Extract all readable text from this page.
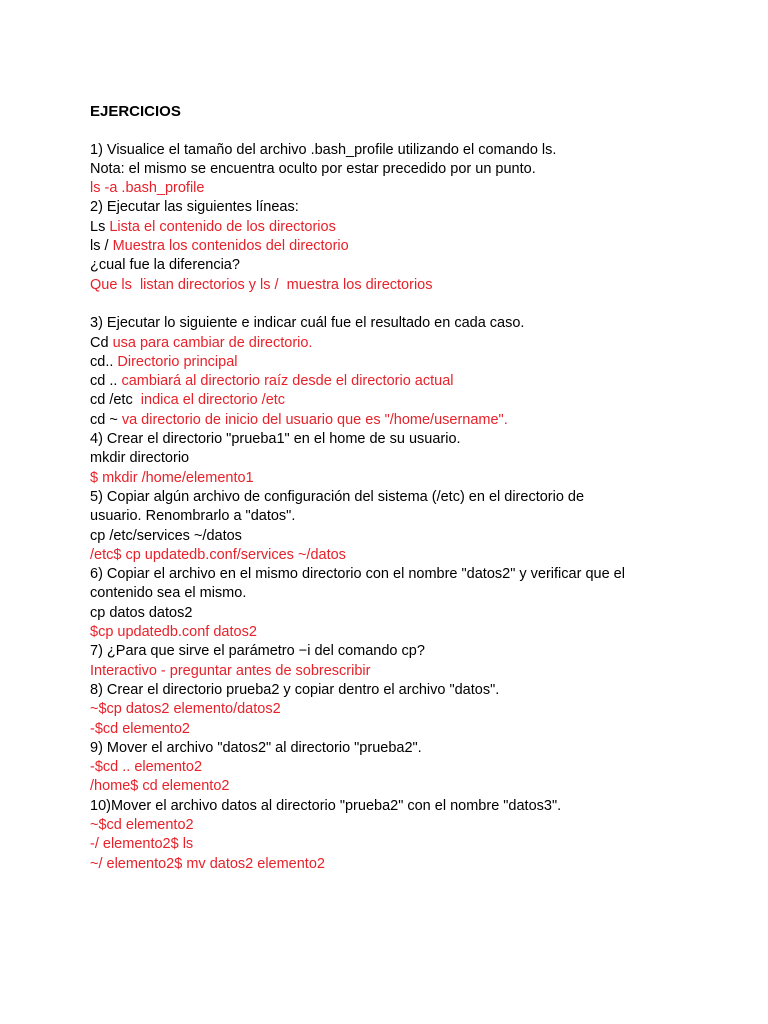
EJERCICIOS

1) Visualice el tamaño del archivo .bash_profile utilizando el comando ls.

Nota: el mismo se encuentra oculto por estar precedido por un punto.

ls -a .bash_profile

2) Ejecutar las siguientes líneas:

Ls Lista el contenido de los directorios

ls / Muestra los contenidos del directorio

¿cual fue la diferencia?

Que ls  listan directorios y ls /  muestra los directorios

3) Ejecutar lo siguiente e indicar cuál fue el resultado en cada caso.

Cd usa para cambiar de directorio.

cd.. Directorio principal

cd .. cambiará al directorio raíz desde el directorio actual

cd /etc  indica el directorio /etc

cd ~ va directorio de inicio del usuario que es "/home/username".

4) Crear el directorio "prueba1" en el home de su usuario.

mkdir directorio

$ mkdir /home/elemento1

5) Copiar algún archivo de configuración del sistema (/etc) en el directorio de

usuario. Renombrarlo a "datos".

cp /etc/services ~/datos

/etc$ cp updatedb.conf/services ~/datos

6) Copiar el archivo en el mismo directorio con el nombre "datos2" y verificar que el

contenido sea el mismo.

cp datos datos2

$cp updatedb.conf datos2

7) ¿Para que sirve el parámetro −i del comando cp?

Interactivo - preguntar antes de sobrescribir

8) Crear el directorio prueba2 y copiar dentro el archivo "datos".

~$cp datos2 elemento/datos2

-$cd elemento2

9) Mover el archivo "datos2" al directorio "prueba2".

-$cd .. elemento2

/home$ cd elemento2

10)Mover el archivo datos al directorio "prueba2" con el nombre "datos3".

~$cd elemento2

-/ elemento2$ ls

~/ elemento2$ mv datos2 elemento2
